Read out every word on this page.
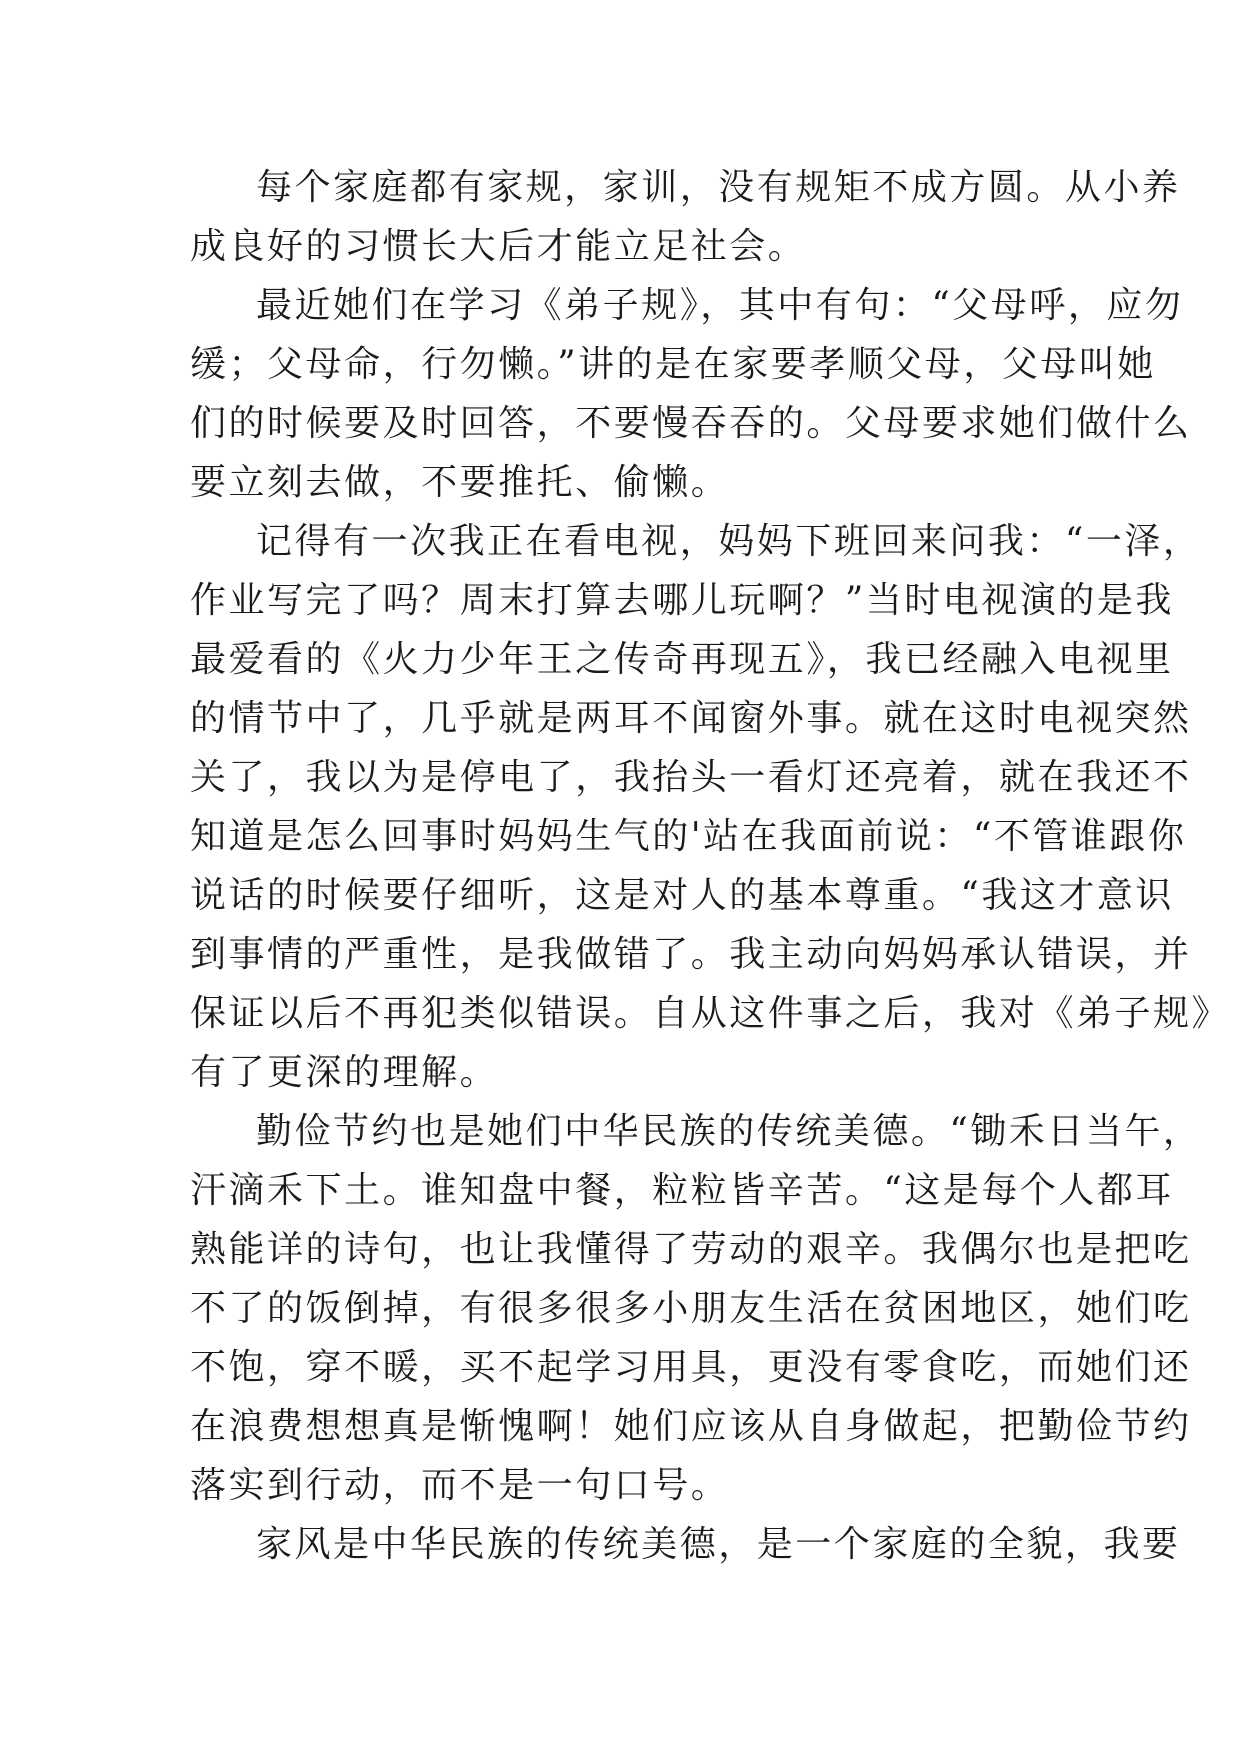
每个家庭都有家规，家训，没有规矩不成方圆。从小养
成良好的习惯长大后才能立足社会。
最近她们在学习《弟子规》，其中有句：“父母呼，应勿
缓；父母命，行勿懒。”讲的是在家要孝顺父母，父母叫她
们的时候要及时回答，不要慢吞吞的。父母要求她们做什么
要立刻去做，不要推托、偷懒。
记得有一次我正在看电视，妈妈下班回来问我：“一泽，
作业写完了吗？周末打算去哪儿玩啊？”当时电视演的是我
最爱看的《火力少年王之传奇再现五》，我已经融入电视里
的情节中了，几乎就是两耳不闻窗外事。就在这时电视突然
关了，我以为是停电了，我抬头一看灯还亮着，就在我还不
知道是怎么回事时妈妈生气的'站在我面前说：“不管谁跟你
说话的时候要仔细听，这是对人的基本尊重。“我这才意识
到事情的严重性，是我做错了。我主动向妈妈承认错误，并
保证以后不再犯类似错误。自从这件事之后，我对《弟子规》
有了更深的理解。
勤俭节约也是她们中华民族的传统美德。“锄禾日当午，
汗滴禾下土。谁知盘中餐，粒粒皆辛苦。“这是每个人都耳
熟能详的诗句，也让我懂得了劳动的艰辛。我偶尔也是把吃
不了的饭倒掉，有很多很多小朋友生活在贫困地区，她们吃
不饱，穿不暖，买不起学习用具，更没有零食吃，而她们还
在浪费想想真是惭愧啊！她们应该从自身做起，把勤俭节约
落实到行动，而不是一句口号。
家风是中华民族的传统美德，是一个家庭的全貌，我要
